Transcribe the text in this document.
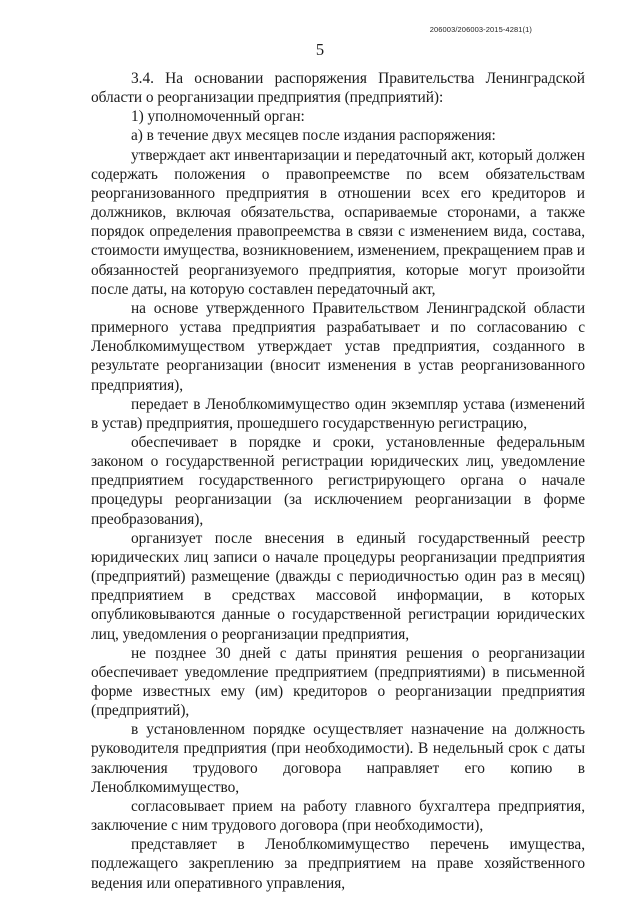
206003/206003-2015-4281(1)
5

3.4. На основании распоряжения Правительства Ленинградской области о реорганизации предприятия (предприятий):

1) уполномоченный орган:

а) в течение двух месяцев после издания распоряжения:

утверждает акт инвентаризации и передаточный акт, который должен содержать положения о правопреемстве по всем обязательствам реорганизованного предприятия в отношении всех его кредиторов и должников, включая обязательства, оспариваемые сторонами, а также порядок определения правопреемства в связи с изменением вида, состава, стоимости имущества, возникновением, изменением, прекращением прав и обязанностей реорганизуемого предприятия, которые могут произойти после даты, на которую составлен передаточный акт,

на основе утвержденного Правительством Ленинградской области примерного устава предприятия разрабатывает и по согласованию с Леноблкомимуществом утверждает устав предприятия, созданного в результате реорганизации (вносит изменения в устав реорганизованного предприятия),

передает в Леноблкомимущество один экземпляр устава (изменений в устав) предприятия, прошедшего государственную регистрацию,

обеспечивает в порядке и сроки, установленные федеральным законом о государственной регистрации юридических лиц, уведомление предприятием государственного регистрирующего органа о начале процедуры реорганизации (за исключением реорганизации в форме преобразования),

организует после внесения в единый государственный реестр юридических лиц записи о начале процедуры реорганизации предприятия (предприятий) размещение (дважды с периодичностью один раз в месяц) предприятием в средствах массовой информации, в которых опубликовываются данные о государственной регистрации юридических лиц, уведомления о реорганизации предприятия,

не позднее 30 дней с даты принятия решения о реорганизации обеспечивает уведомление предприятием (предприятиями) в письменной форме известных ему (им) кредиторов о реорганизации предприятия (предприятий),

в установленном порядке осуществляет назначение на должность руководителя предприятия (при необходимости). В недельный срок с даты заключения трудового договора направляет его копию в Леноблкомимущество,

согласовывает прием на работу главного бухгалтера предприятия, заключение с ним трудового договора (при необходимости),

представляет в Леноблкомимущество перечень имущества, подлежащего закреплению за предприятием на праве хозяйственного ведения или оперативного управления,
